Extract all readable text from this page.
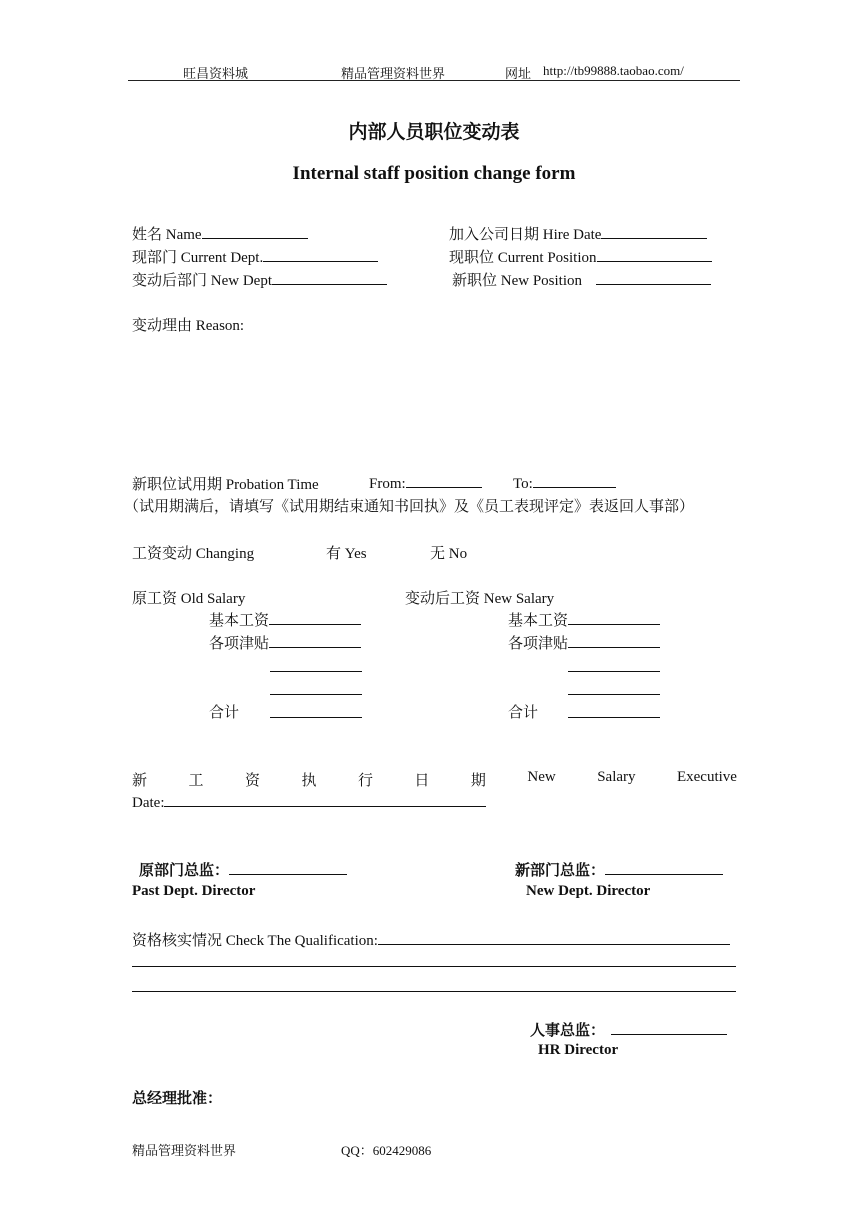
旺昌资料城	精品管理资料世界	网址 http://tb99888.taobao.com/
内部人员职位变动表
Internal staff position change form
姓名 Name	加入公司日期 Hire Date
现部门 Current Dept.	现职位 Current Position
变动后部门 New Dept	新职位 New Position
变动理由 Reason:
新职位试用期 Probation Time	From:	To:
（试用期满后，请填写《试用期结束通知书回执》及《员工表现评定》表返回人事部）
工资变动 Changing	有 Yes	无 No
原工资 Old Salary
基本工资
各项津贴
合计
变动后工资 New Salary
基本工资
各项津贴
合计
新	工	资	执	行	日	期	New	Salary	Executive
Date:
原部门总监：
Past Dept. Director
新部门总监：
New Dept. Director
资格核实情况 Check The Qualification:
人事总监：
HR Director
总经理批准：
精品管理资料世界	QQ：602429086
